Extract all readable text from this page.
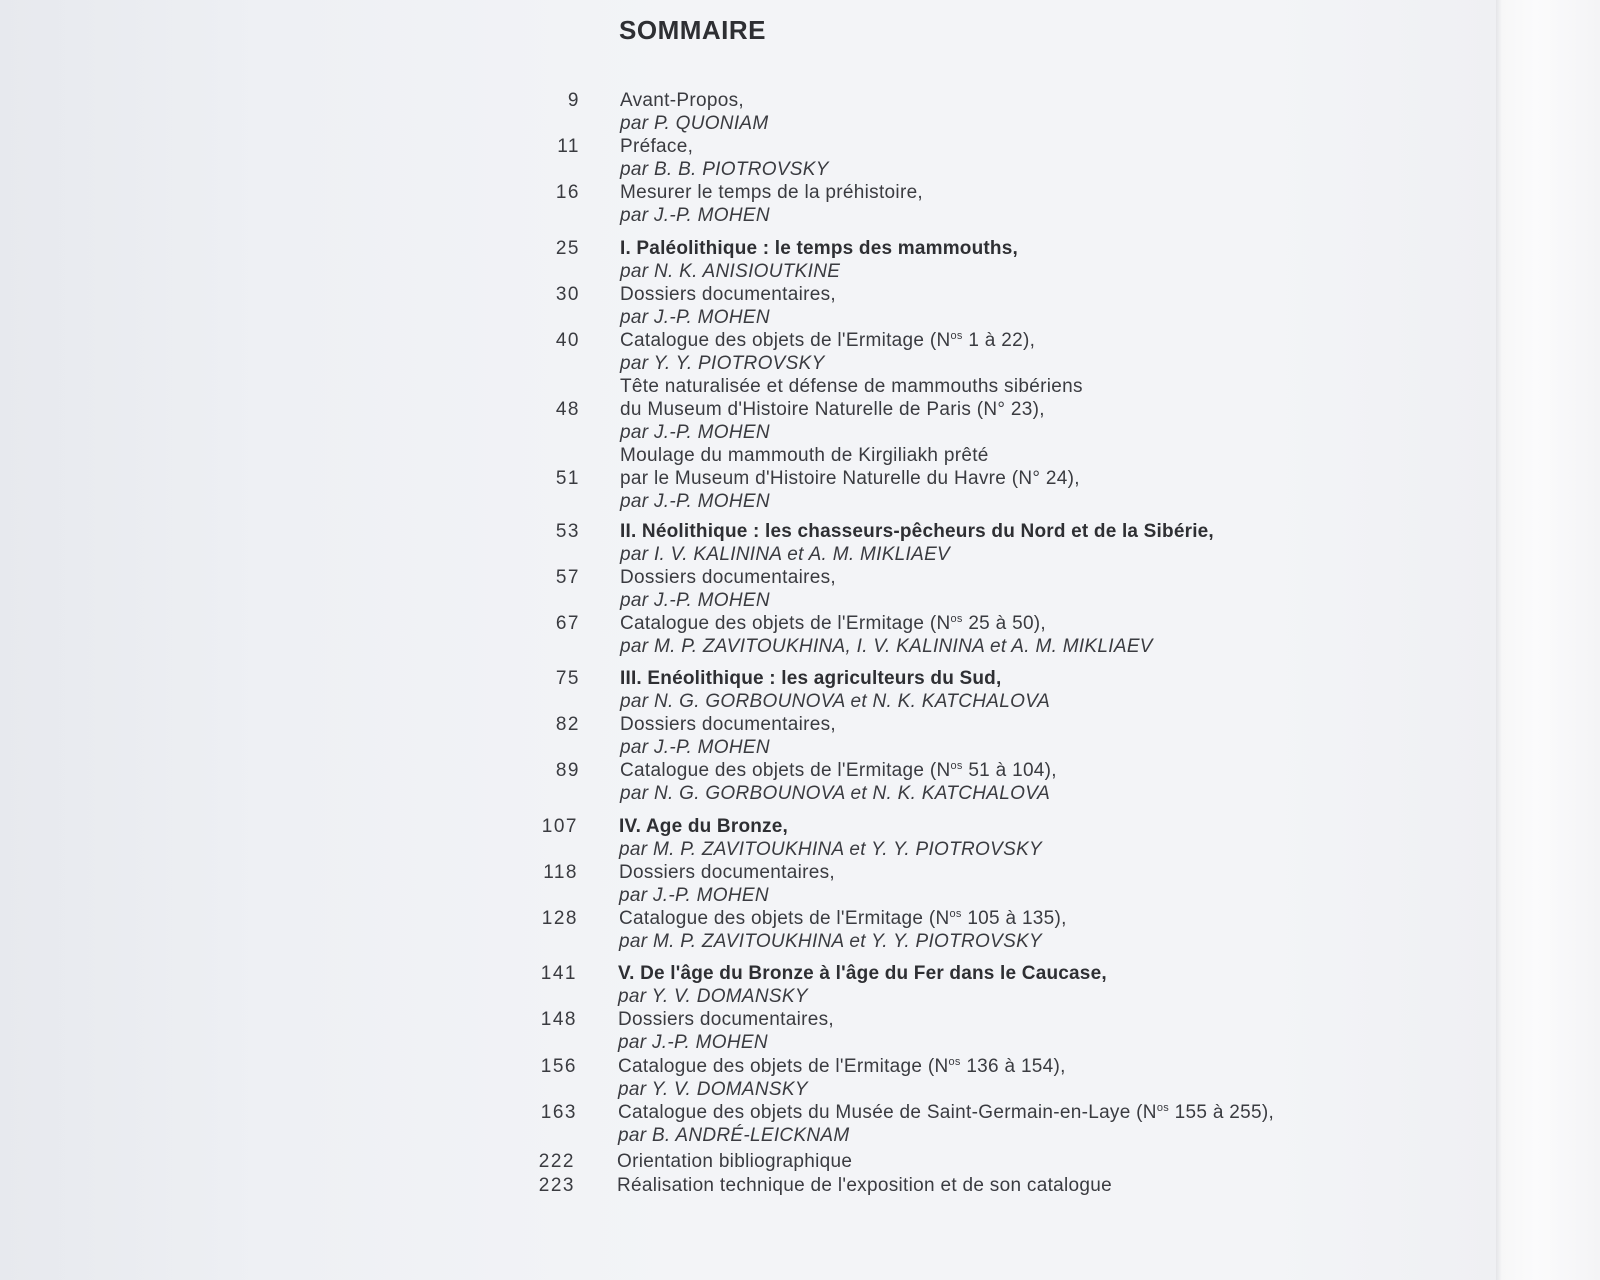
SOMMAIRE
9 Avant-Propos,
par P. QUONIAM
11 Préface,
par B. B. PIOTROVSKY
16 Mesurer le temps de la préhistoire,
par J.-P. MOHEN
25 I. Paléolithique : le temps des mammouths,
par N. K. ANISIOUTKINE
30 Dossiers documentaires,
par J.-P. MOHEN
40 Catalogue des objets de l'Ermitage ($N^{os}$ 1 à 22),
par Y. Y. PIOTROVSKY
Tête naturalisée et défense de mammouths sibériens
48 du Museum d'Histoire Naturelle de Paris (N° 23),
par J.-P. MOHEN
Moulage du mammouth de Kirgiliakh prêté
51 par le Museum d'Histoire Naturelle du Havre (N° 24),
par J.-P. MOHEN
53 II. Néolithique : les chasseurs-pêcheurs du Nord et de la Sibérie,
par I. V. KALININA et A. M. MIKLIAEV
57 Dossiers documentaires,
par J.-P. MOHEN
67 Catalogue des objets de l'Ermitage ($N^{os}$ 25 à 50),
par M. P. ZAVITOUKHINA, I. V. KALININA et A. M. MIKLIAEV
75 III. Enéolithique : les agriculteurs du Sud,
par N. G. GORBOUNOVA et N. K. KATCHALOVA
82 Dossiers documentaires,
par J.-P. MOHEN
89 Catalogue des objets de l'Ermitage ($N^{os}$ 51 à 104),
par N. G. GORBOUNOVA et N. K. KATCHALOVA
107 IV. Age du Bronze,
par M. P. ZAVITOUKHINA et Y. Y. PIOTROVSKY
118 Dossiers documentaires,
par J.-P. MOHEN
128 Catalogue des objets de l'Ermitage ($N^{os}$ 105 à 135),
par M. P. ZAVITOUKHINA et Y. Y. PIOTROVSKY
141 V. De l'âge du Bronze à l'âge du Fer dans le Caucase,
par Y. V. DOMANSKY
148 Dossiers documentaires,
par J.-P. MOHEN
156 Catalogue des objets de l'Ermitage ($N^{os}$ 136 à 154),
par Y. V. DOMANSKY
163 Catalogue des objets du Musée de Saint-Germain-en-Laye ($N^{os}$ 155 à 255),
par B. ANDRÉ-LEICKNAM
222 Orientation bibliographique
223 Réalisation technique de l'exposition et de son catalogue
